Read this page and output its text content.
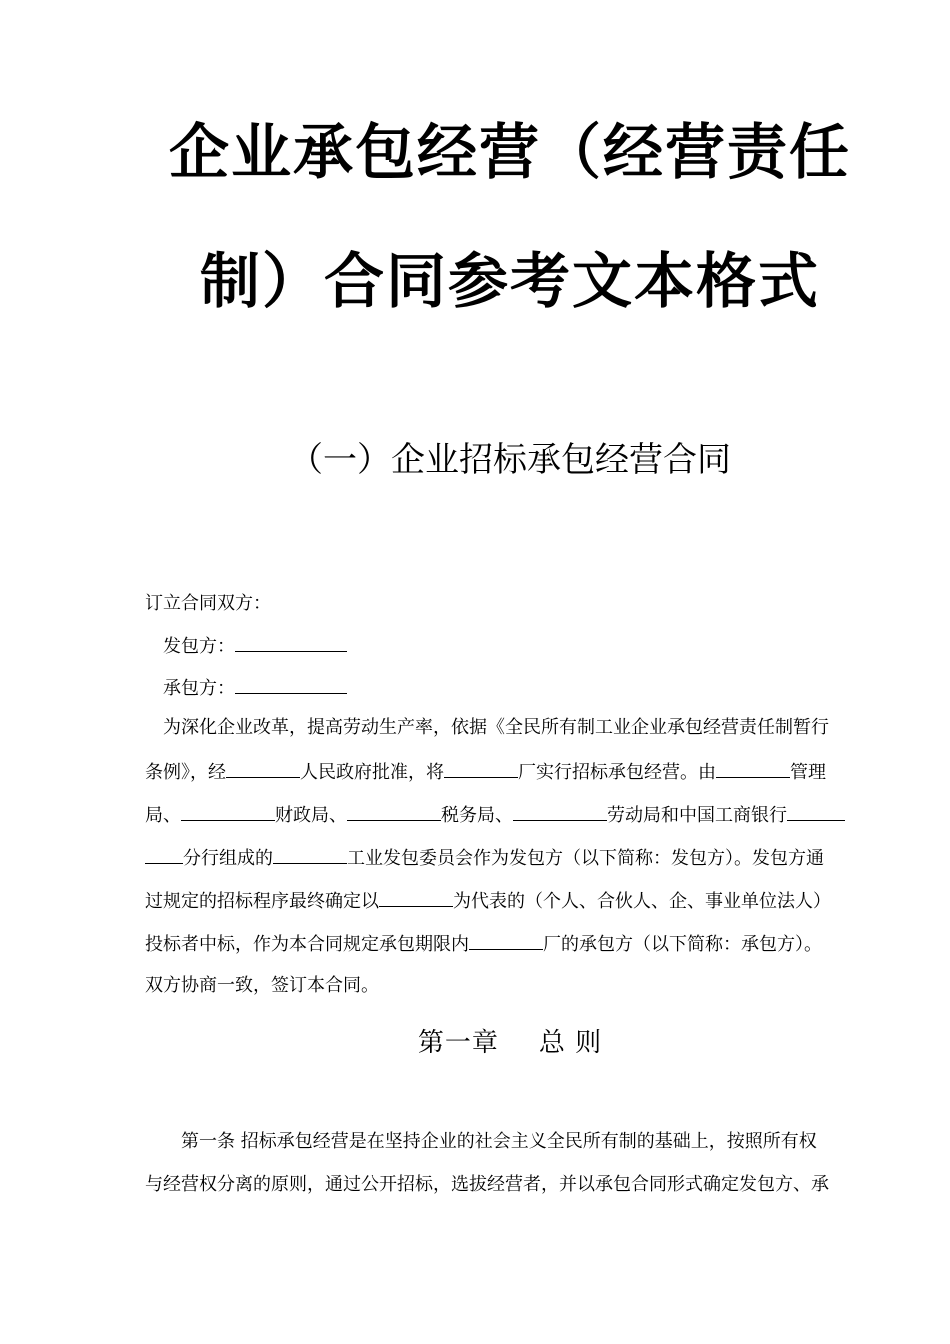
企业承包经营（经营责任
制）合同参考文本格式
（一）企业招标承包经营合同
订立合同双方：
发包方：
承包方：
为深化企业改革，提高劳动生产率，依据《全民所有制工业企业承包经营责任制暂行
条例》，经	人民政府批准，将	厂实行招标承包经营。由	管理
局、	财政局、	税务局、	劳动局和中国工商银行
分行组成的	工业发包委员会作为发包方（以下简称：发包方）。发包方通
过规定的招标程序最终确定以	为代表的（个人、合伙人、企、事业单位法人）
投标者中标，作为本合同规定承包期限内	厂的承包方（以下简称：承包方）。
双方协商一致，签订本合同。
第一章 总 则
第一条 招标承包经营是在坚持企业的社会主义全民所有制的基础上，按照所有权
与经营权分离的原则，通过公开招标，选拔经营者，并以承包合同形式确定发包方、承
